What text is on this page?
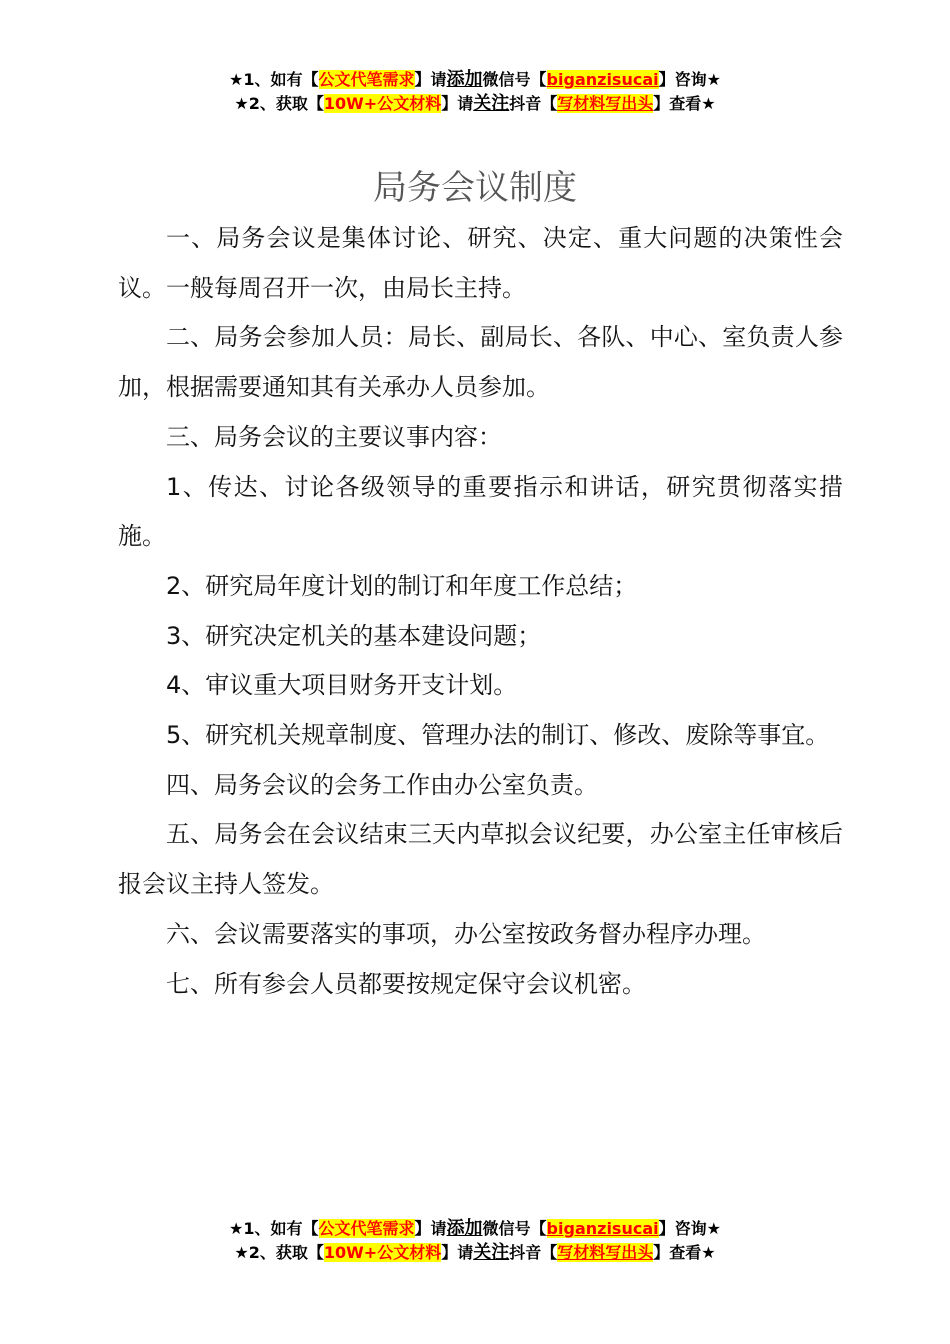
★1、如有【公文代笔需求】请添加微信号【biganzisucai】咨询★
★2、获取【10W+公文材料】请关注抖音【写材料写出头】查看★
局务会议制度

一、局务会议是集体讨论、研究、决定、重大问题的决策性会议。一般每周召开一次，由局长主持。

二、局务会参加人员：局长、副局长、各队、中心、室负责人参加，根据需要通知其有关承办人员参加。

三、局务会议的主要议事内容：

1、传达、讨论各级领导的重要指示和讲话，研究贯彻落实措施。

2、研究局年度计划的制订和年度工作总结；

3、研究决定机关的基本建设问题；

4、审议重大项目财务开支计划。

5、研究机关规章制度、管理办法的制订、修改、废除等事宜。

四、局务会议的会务工作由办公室负责。

五、局务会在会议结束三天内草拟会议纪要，办公室主任审核后报会议主持人签发。

六、会议需要落实的事项，办公室按政务督办程序办理。

七、所有参会人员都要按规定保守会议机密。

★1、如有【公文代笔需求】请添加微信号【biganzisucai】咨询★
★2、获取【10W+公文材料】请关注抖音【写材料写出头】查看★
